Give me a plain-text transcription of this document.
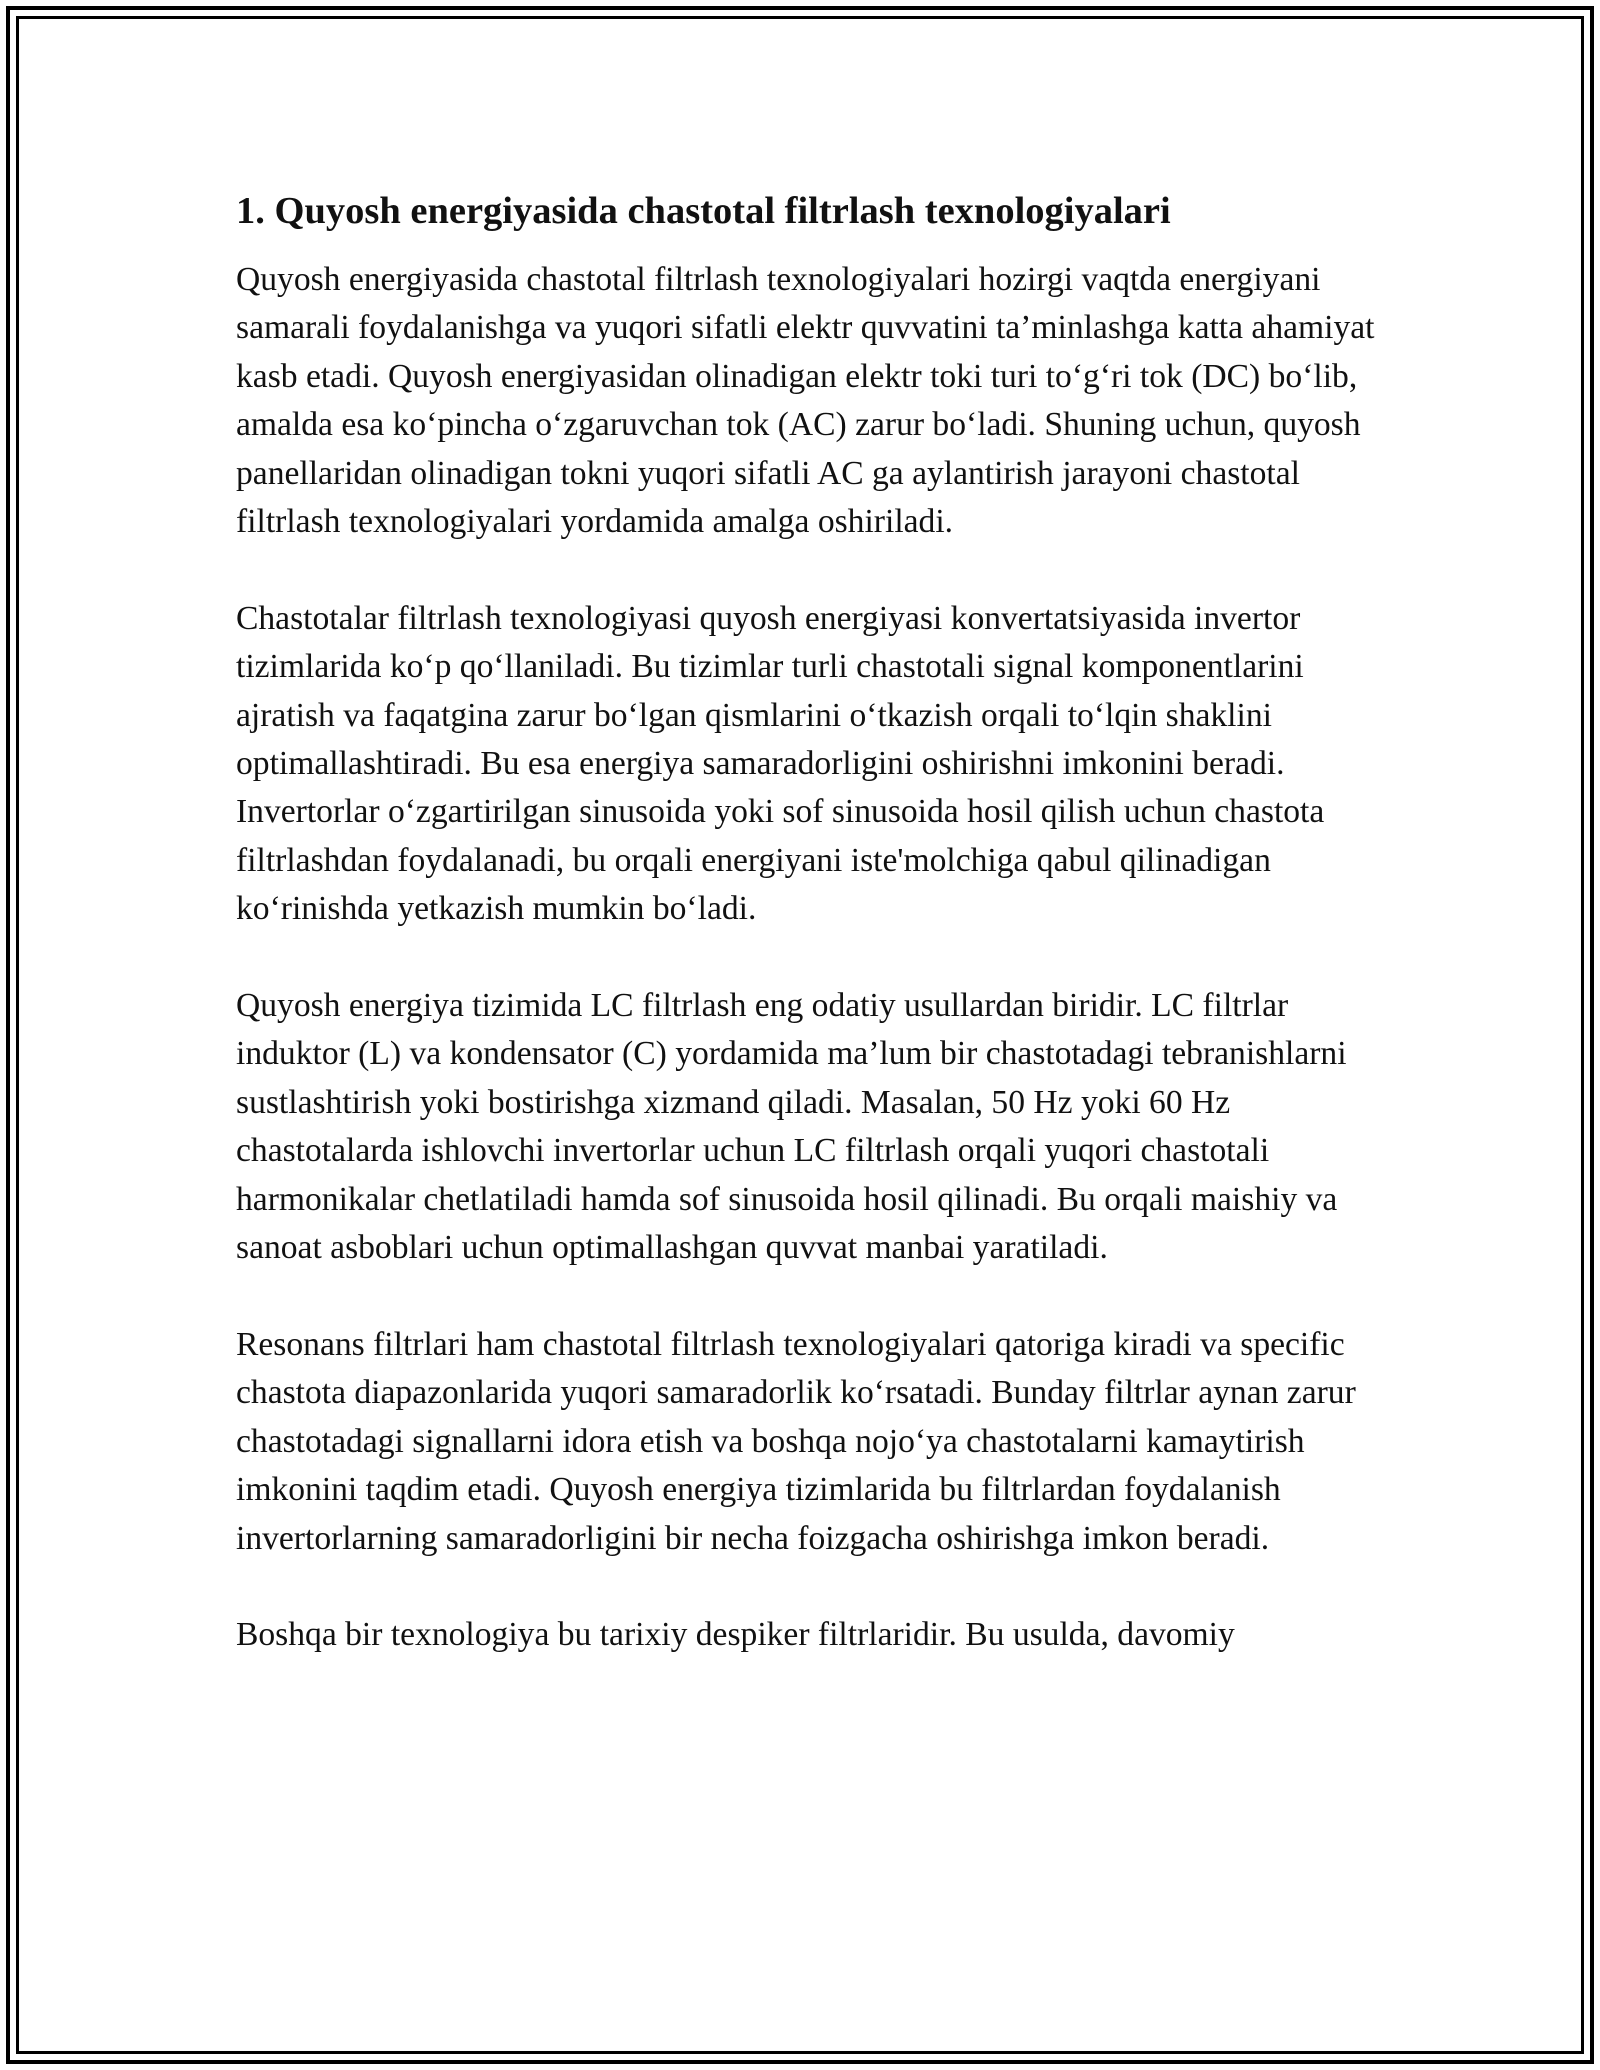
1. Quyosh energiyasida chastotal filtrlash texnologiyalari

Quyosh energiyasida chastotal filtrlash texnologiyalari hozirgi vaqtda energiyani samarali foydalanishga va yuqori sifatli elektr quvvatini ta’minlashga katta ahamiyat kasb etadi. Quyosh energiyasidan olinadigan elektr toki turi to‘g‘ri tok (DC) bo‘lib, amalda esa ko‘pincha o‘zgaruvchan tok (AC) zarur bo‘ladi. Shuning uchun, quyosh panellaridan olinadigan tokni yuqori sifatli AC ga aylantirish jarayoni chastotal filtrlash texnologiyalari yordamida amalga oshiriladi.

Chastotalar filtrlash texnologiyasi quyosh energiyasi konvertatsiyasida invertor tizimlarida ko‘p qo‘llaniladi. Bu tizimlar turli chastotali signal komponentlarini ajratish va faqatgina zarur bo‘lgan qismlarini o‘tkazish orqali to‘lqin shaklini optimallashtiradi. Bu esa energiya samaradorligini oshirishni imkonini beradi. Invertorlar o‘zgartirilgan sinusoida yoki sof sinusoida hosil qilish uchun chastota filtrlashdan foydalanadi, bu orqali energiyani iste'molchiga qabul qilinadigan ko‘rinishda yetkazish mumkin bo‘ladi.

Quyosh energiya tizimida LC filtrlash eng odatiy usullardan biridir. LC filtrlar induktor (L) va kondensator (C) yordamida ma’lum bir chastotadagi tebranishlarni sustlashtirish yoki bostirishga xizmand qiladi. Masalan, 50 Hz yoki 60 Hz chastotalarda ishlovchi invertorlar uchun LC filtrlash orqali yuqori chastotali harmonikalar chetlatiladi hamda sof sinusoida hosil qilinadi. Bu orqali maishiy va sanoat asboblari uchun optimallashgan quvvat manbai yaratiladi.

Resonans filtrlari ham chastotal filtrlash texnologiyalari qatoriga kiradi va specific chastota diapazonlarida yuqori samaradorlik ko‘rsatadi. Bunday filtrlar aynan zarur chastotadagi signallarni idora etish va boshqa nojo‘ya chastotalarni kamaytirish imkonini taqdim etadi. Quyosh energiya tizimlarida bu filtrlardan foydalanish invertorlarning samaradorligini bir necha foizgacha oshirishga imkon beradi.

Boshqa bir texnologiya bu tarixiy despiker filtrlaridir. Bu usulda, davomiy
